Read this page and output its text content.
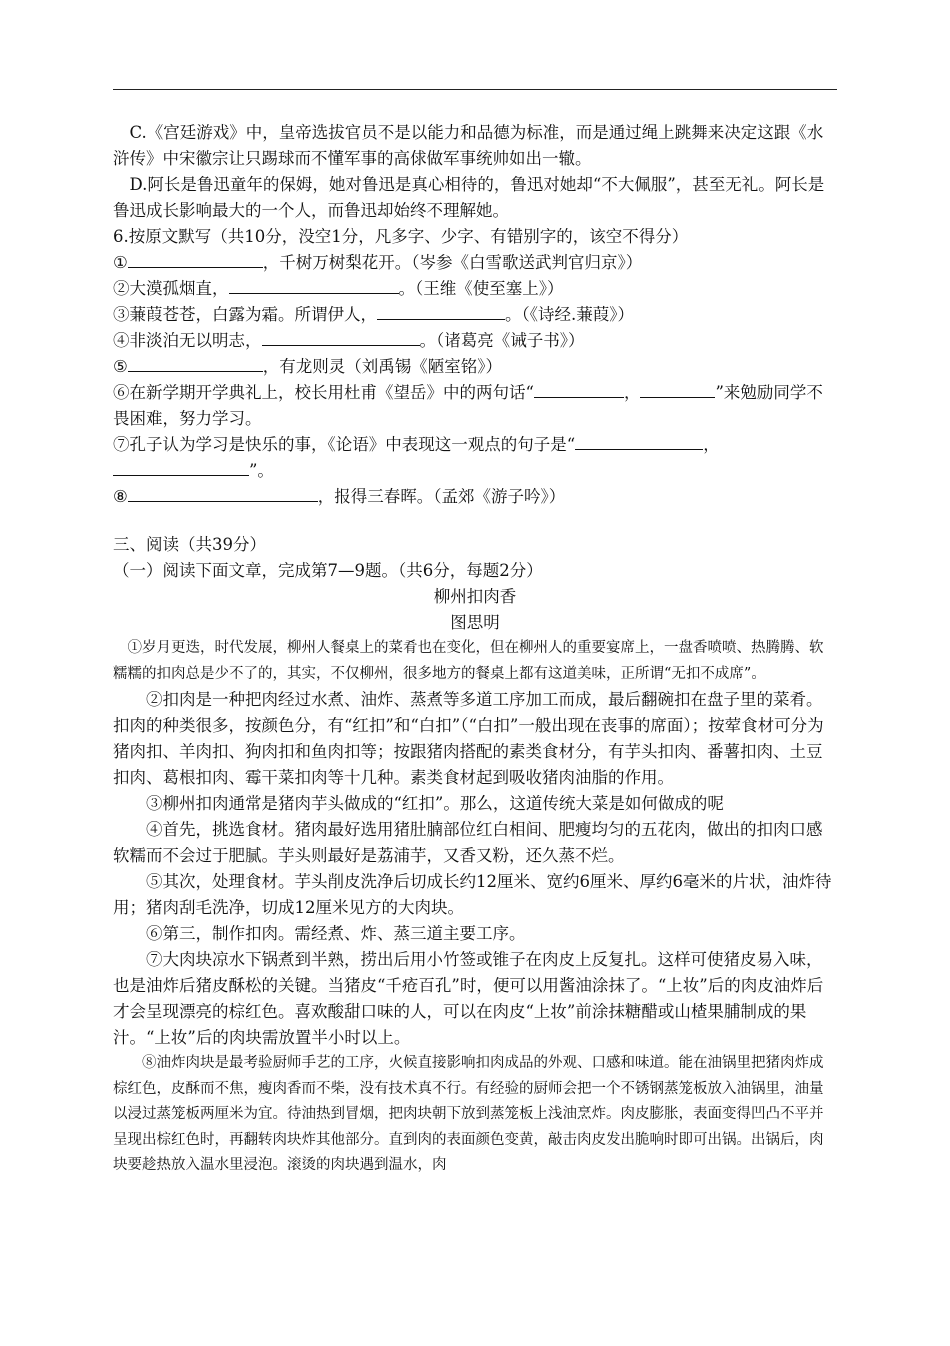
C.《宫廷游戏》中，皇帝选拔官员不是以能力和品德为标准，而是通过绳上跳舞来决定这跟《水浒传》中宋徽宗让只踢球而不懂军事的高俅做军事统帅如出一辙。

D.阿长是鲁迅童年的保姆，她对鲁迅是真心相待的，鲁迅对她却“不大佩服”，甚至无礼。阿长是鲁迅成长影响最大的一个人，而鲁迅却始终不理解她。

6.按原文默写（共10分，没空1分，凡多字、少字、有错别字的，该空不得分）

①	，千树万树梨花开。（岑参《白雪歌送武判官归京》）

②大漠孤烟直，	。（王维《使至塞上》）

③蒹葭苍苍，白露为霜。所谓伊人，	。（《诗经.蒹葭》）

④非淡泊无以明志，	。（诸葛亮《诫子书》）

⑤	，有龙则灵（刘禹锡《陋室铭》）

⑥在新学期开学典礼上，校长用杜甫《望岳》中的两句话“	，	”来勉励同学不畏困难，努力学习。

⑦孔子认为学习是快乐的事，《论语》中表现这一观点的句子是“	，
”。

⑧	，报得三春晖。（孟郊《游子吟》）

三、阅读（共39分）

（一）阅读下面文章，完成第7—9题。（共6分，每题2分）

柳州扣肉香

图思明

①岁月更迭，时代发展，柳州人餐桌上的菜肴也在变化，但在柳州人的重要宴席上，一盘香喷喷、热腾腾、软糯糯的扣肉总是少不了的，其实，不仅柳州，很多地方的餐桌上都有这道美味，正所谓“无扣不成席”。

②扣肉是一种把肉经过水煮、油炸、蒸煮等多道工序加工而成，最后翻碗扣在盘子里的菜肴。扣肉的种类很多，按颜色分，有“红扣”和“白扣”（“白扣”一般出现在丧事的席面）；按荤食材可分为猪肉扣、羊肉扣、狗肉扣和鱼肉扣等；按跟猪肉搭配的素类食材分，有芋头扣肉、番薯扣肉、土豆扣肉、葛根扣肉、霉干菜扣肉等十几种。素类食材起到吸收猪肉油脂的作用。

③柳州扣肉通常是猪肉芋头做成的“红扣”。那么，这道传统大菜是如何做成的呢

④首先，挑选食材。猪肉最好选用猪肚腩部位红白相间、肥瘦均匀的五花肉，做出的扣肉口感软糯而不会过于肥腻。芋头则最好是荔浦芋，又香又粉，还久蒸不烂。

⑤其次，处理食材。芋头削皮洗净后切成长约12厘米、宽约6厘米、厚约6毫米的片状，油炸待用；猪肉刮毛洗净，切成12厘米见方的大肉块。

⑥第三，制作扣肉。需经煮、炸、蒸三道主要工序。

⑦大肉块凉水下锅煮到半熟，捞出后用小竹签或锥子在肉皮上反复扎。这样可使猪皮易入味，也是油炸后猪皮酥松的关键。当猪皮“千疮百孔”时，便可以用酱油涂抹了。“上妆”后的肉皮油炸后才会呈现漂亮的棕红色。喜欢酸甜口味的人，可以在肉皮“上妆”前涂抹糖醋或山楂果脯制成的果汁。“上妆”后的肉块需放置半小时以上。

⑧油炸肉块是最考验厨师手艺的工序，火候直接影响扣肉成品的外观、口感和味道。能在油锅里把猪肉炸成棕红色，皮酥而不焦，瘦肉香而不柴，没有技术真不行。有经验的厨师会把一个不锈钢蒸笼板放入油锅里，油量以浸过蒸笼板两厘米为宜。待油热到冒烟，把肉块朝下放到蒸笼板上浅油烹炸。肉皮膨胀，表面变得凹凸不平并呈现出棕红色时，再翻转肉块炸其他部分。直到肉的表面颜色变黄，敲击肉皮发出脆响时即可出锅。出锅后，肉块要趁热放入温水里浸泡。滚烫的肉块遇到温水，肉
